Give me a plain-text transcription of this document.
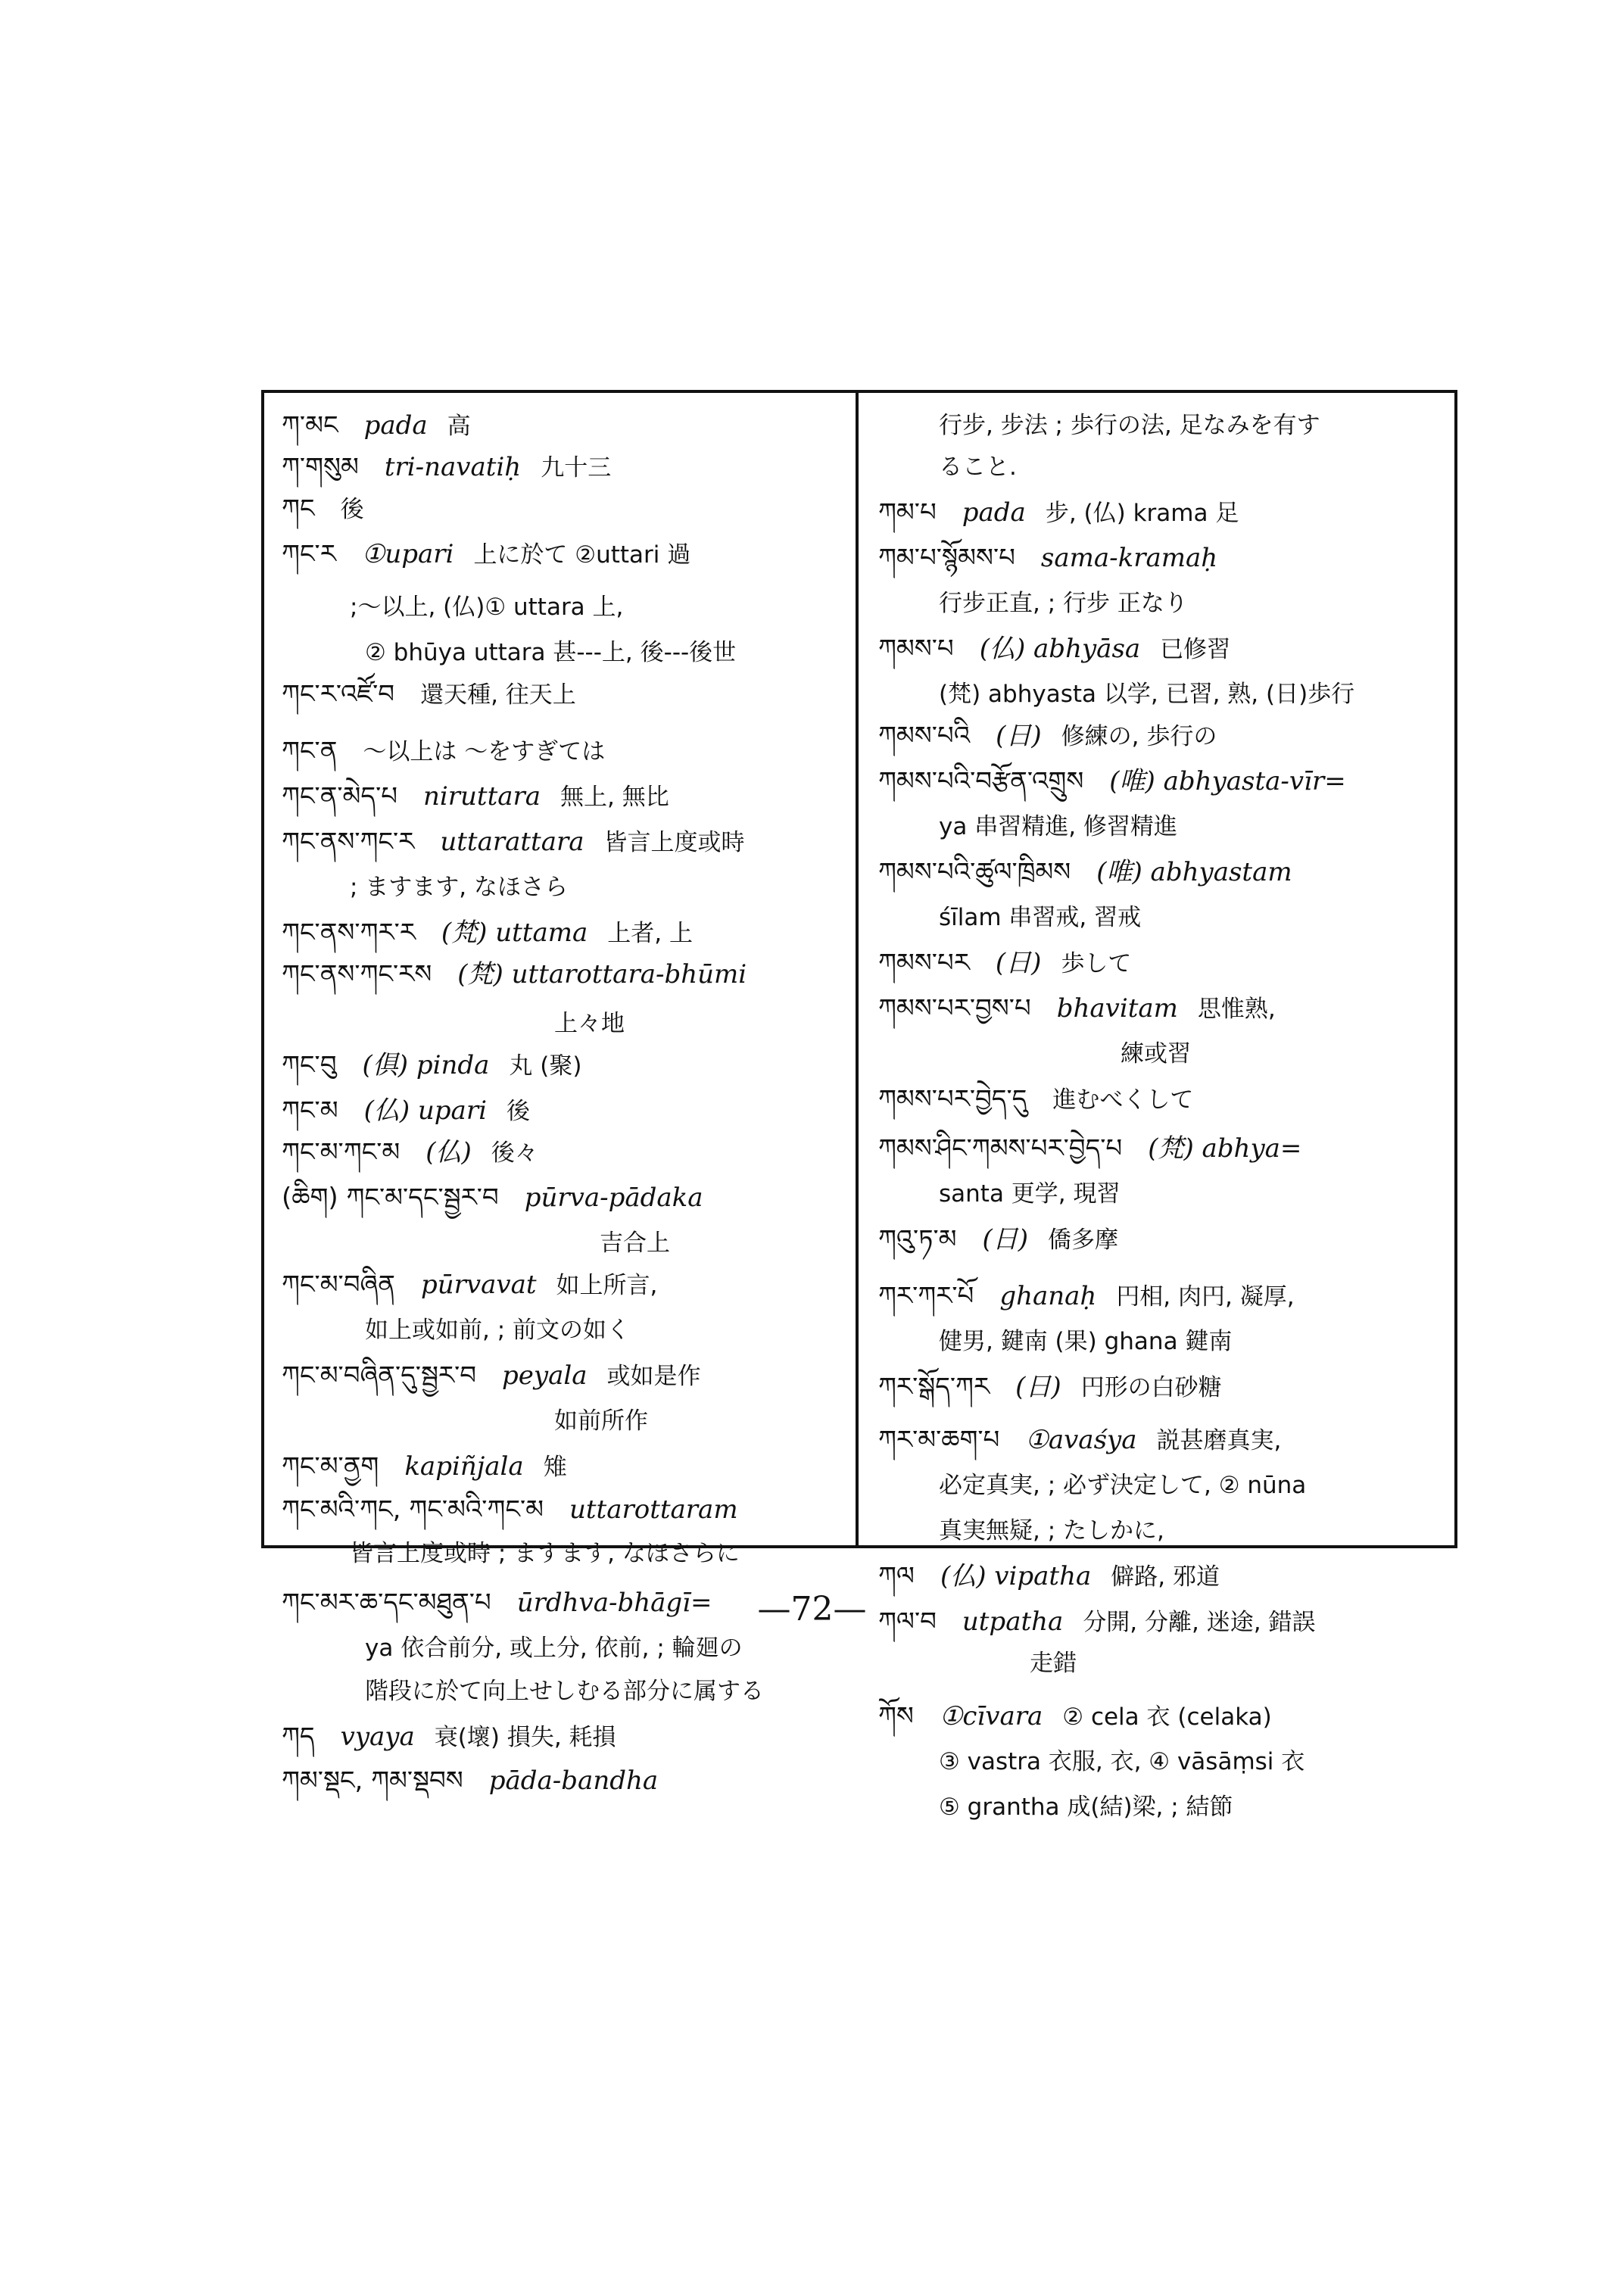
ཀ་མང pada 高
ཀ་གསུམ tri-navatiḥ 九十三
ཀང 後
ཀང་ར ①upari 上に於て ②uttari 過
;〜以上, (仏)① uttara 上,
② bhūya uttara 甚---上, 後---後世
ཀང་ར་འཛོ་བ 還天種, 往天上
ཀང་ན 〜以上は 〜をすぎては
ཀང་ན་མེད་པ niruttara 無上, 無比
ཀང་ནས་ཀང་ར uttarattara 皆言上度或時
; ますます, なほさら
ཀང་ནས་ཀར་ར (梵) uttama 上者, 上
ཀང་ནས་ཀང་རས (梵) uttarottara-bhūmi
上々地
ཀང་བུ (俱) pinda 丸 (聚)
ཀང་མ (仏) upari 後
ཀང་མ་ཀང་མ (仏) 後々
(ཆིག) ཀང་མ་དང་སྦྱར་བ pūrva-pādaka
吉合上
ཀང་མ་བཞིན pūrvavat 如上所言,
如上或如前, ; 前文の如く
ཀང་མ་བཞིན་དུ་སྦྱར་བ peyala 或如是作
如前所作
ཀང་མ་ནྱག kapiñjala 雉
ཀང་མའི་ཀང, ཀང་མའི་ཀང་མ uttarottaram
皆言上度或時 ; ますます, なほさらに
ཀང་མར་ཆ་དང་མཐུན་པ ūrdhva-bhāgī=
ya 依合前分, 或上分, 依前, ; 輪廻の
階段に於て向上せしむる部分に属する
ཀད vyaya 衰(壞) 損失, 耗損
ཀམ་སྡང, ཀམ་སྡབས pāda-bandha
行步, 步法 ; 歩行の法, 足なみを有す
ること.
ཀམ་པ pada 步, (仏) krama 足
ཀམ་པ་སྙོམས་པ sama-kramaḥ
行步正直, ; 行步 正なり
ཀམས་པ (仏) abhyāsa 已修習
(梵) abhyasta 以学, 已習, 熟, (日)歩行
ཀམས་པའི (日) 修練の, 歩行の
ཀམས་པའི་བརྩོན་འགྲུས (唯) abhyasta-vīr=
ya 串習精進, 修習精進
ཀམས་པའི་ཚུལ་ཁྲིམས (唯) abhyastam
śīlam 串習戒, 習戒
ཀམས་པར (日) 歩して
ཀམས་པར་བྱས་པ bhavitam 思惟熟,
練或習
ཀམས་པར་བྱེད་དུ 進むべくして
ཀམས་ཤིང་ཀམས་པར་བྱེད་པ (梵) abhya=
santa 更学, 現習
ཀའུ་ཏ་མ (日) 僑多摩
ཀར་ཀར་པོ ghanaḥ 円相, 肉円, 凝厚,
健男, 鍵南 (果) ghana 鍵南
ཀར་སྒོད་ཀར (日) 円形の白砂糖
ཀར་མ་ཆག་པ ①avaśya 説甚磨真実,
必定真実, ; 必ず決定して, ② nūna
真実無疑, ; たしかに,
ཀལ (仏) vipatha 僻路, 邪道
ཀལ་བ utpatha 分開, 分離, 迷途, 錯誤
走錯
ཀོས ①cīvara ② cela 衣 (celaka)
③ vastra 衣服, 衣, ④ vāsāṃsi 衣
⑤ grantha 成(結)梁, ; 結節
—72—
